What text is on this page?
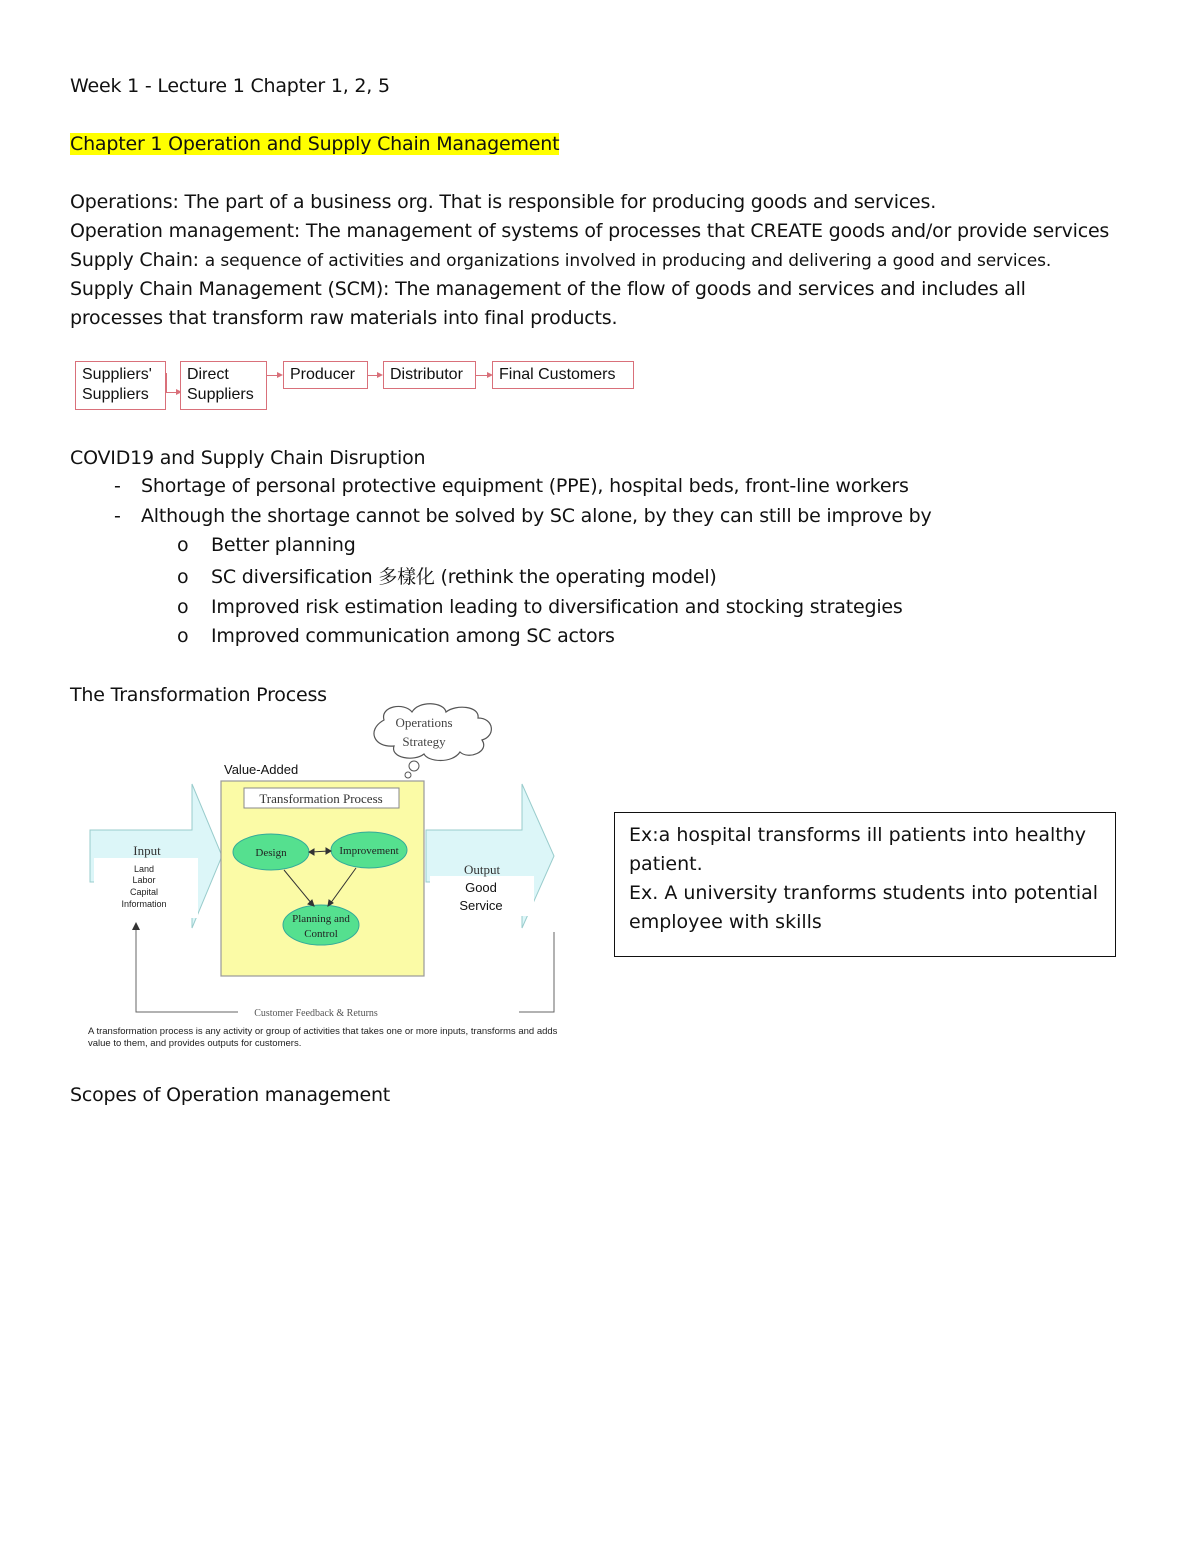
Week 1 - Lecture 1 Chapter 1, 2, 5
Chapter 1 Operation and Supply Chain Management
Operations: The part of a business org. That is responsible for producing goods and services.
Operation management: The management of systems of processes that CREATE goods and/or provide services
Supply Chain: a sequence of activities and organizations involved in producing and delivering a good and services.
Supply Chain Management (SCM): The management of the flow of goods and services and includes all
processes that transform raw materials into final products.
Suppliers'
Suppliers
Direct
Suppliers
Producer	Distributor	Final Customers
COVID19 and Supply Chain Disruption
- Shortage of personal protective equipment (PPE), hospital beds, front-line workers
- Although the shortage cannot be solved by SC alone, by they can still be improve by
o Better planning
o SC diversification 多樣化 (rethink the operating model)
o Improved risk estimation leading to diversification and stocking strategies
o Improved communication among SC actors
The Transformation Process
Operations
Strategy
Input
Land
Labor
Capital
Information
Value-Added
Transformation Process
Design	Improvement
Planning and
Control
Output
Good
Service
Customer Feedback & Returns
A transformation process is any activity or group of activities that takes one or more inputs, transforms and adds
value to them, and provides outputs for customers.
Ex:a hospital transforms ill patients into healthy patient.
Ex. A university tranforms students into potential employee with skills
Scopes of Operation management
